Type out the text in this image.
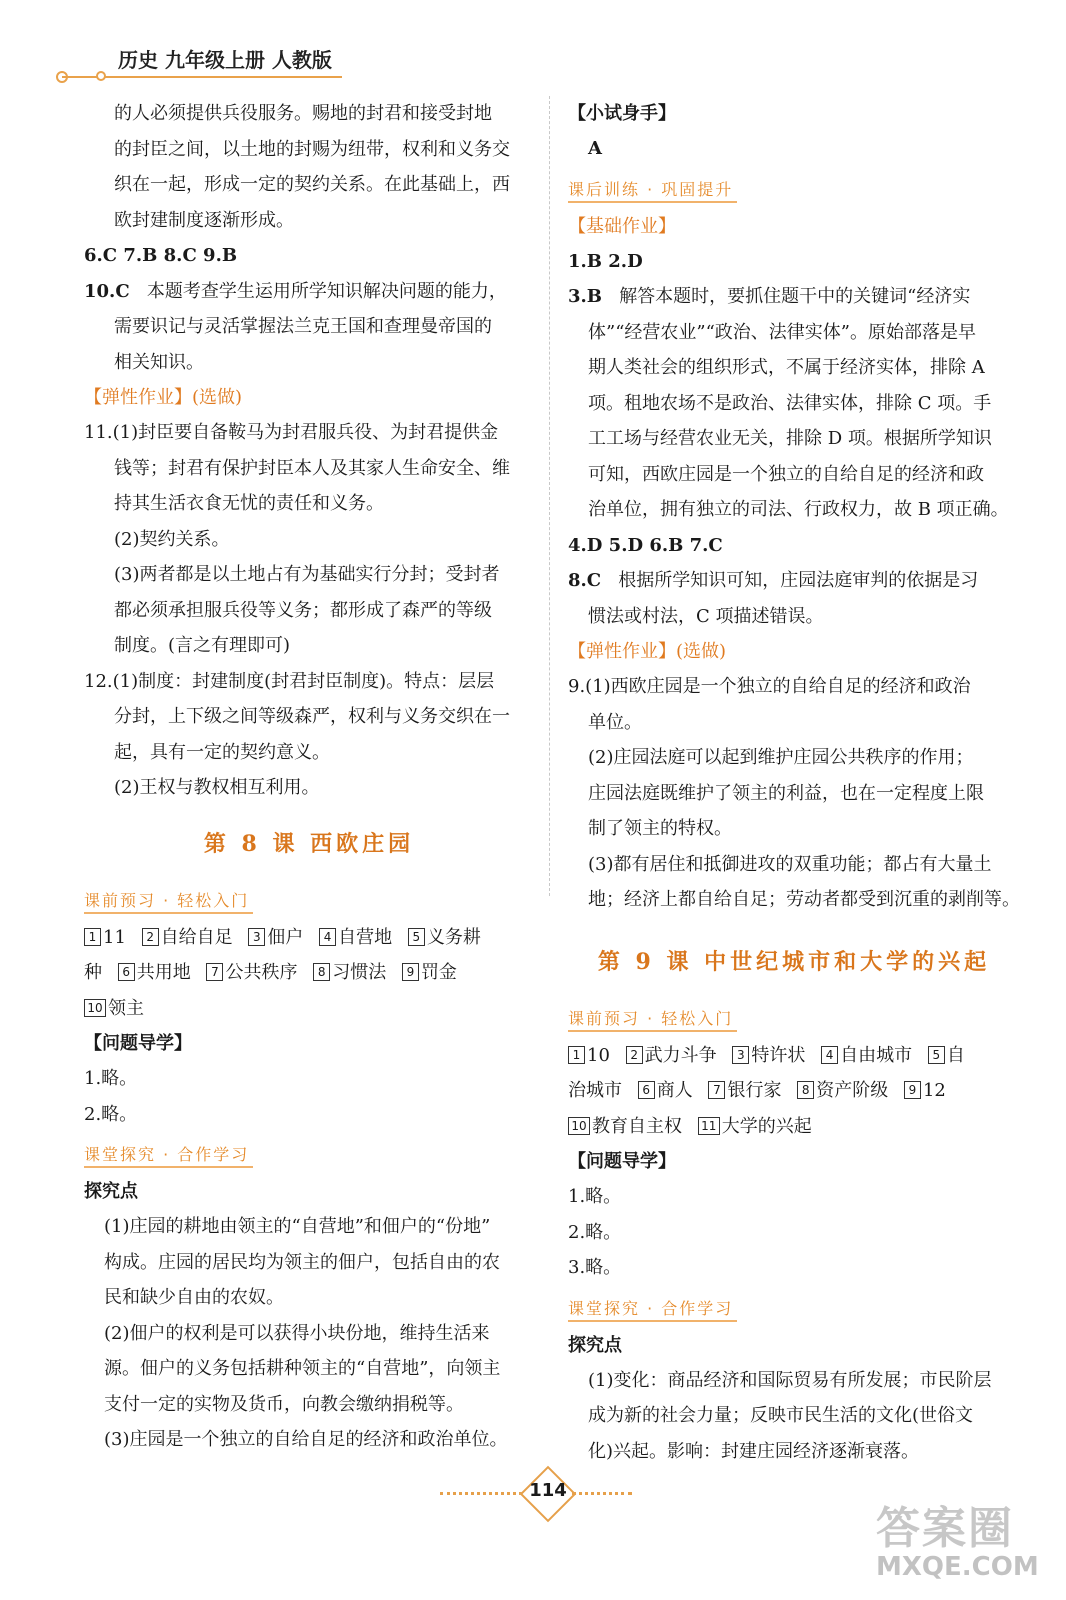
历史 九年级上册 人教版

的人必须提供兵役服务。赐地的封君和接受封地

的封臣之间，以土地的封赐为纽带，权利和义务交

织在一起，形成一定的契约关系。在此基础上，西

欧封建制度逐渐形成。

6.C 7.B 8.C 9.B

10.C 本题考查学生运用所学知识解决问题的能力，

需要识记与灵活掌握法兰克王国和查理曼帝国的

相关知识。

【弹性作业】(选做)

11.(1)封臣要自备鞍马为封君服兵役、为封君提供金

钱等；封君有保护封臣本人及其家人生命安全、维

持其生活衣食无忧的责任和义务。

(2)契约关系。

(3)两者都是以土地占有为基础实行分封；受封者

都必须承担服兵役等义务；都形成了森严的等级

制度。(言之有理即可)

12.(1)制度：封建制度(封君封臣制度)。特点：层层

分封，上下级之间等级森严，权利与义务交织在一

起，具有一定的契约意义。

(2)王权与教权相互利用。

第 8 课 西欧庄园
课前预习 · 轻松入门

1 11 2 自给自足 3 佃户 4 自营地 5 义务耕

种 6 共用地 7 公共秩序 8 习惯法 9 罚金

10 领主

【问题导学】

1.略。

2.略。

课堂探究 · 合作学习

探究点

(1)庄园的耕地由领主的“自营地”和佃户的“份地”

构成。庄园的居民均为领主的佃户，包括自由的农

民和缺少自由的农奴。

(2)佃户的权利是可以获得小块份地，维持生活来

源。佃户的义务包括耕种领主的“自营地”，向领主

支付一定的实物及货币，向教会缴纳捐税等。

(3)庄园是一个独立的自给自足的经济和政治单位。

【小试身手】

A

课后训练 · 巩固提升

【基础作业】

1.B 2.D

3.B 解答本题时，要抓住题干中的关键词“经济实

体”“经营农业”“政治、法律实体”。原始部落是早

期人类社会的组织形式，不属于经济实体，排除 A

项。租地农场不是政治、法律实体，排除 C 项。手

工工场与经营农业无关，排除 D 项。根据所学知识

可知，西欧庄园是一个独立的自给自足的经济和政

治单位，拥有独立的司法、行政权力，故 B 项正确。

4.D 5.D 6.B 7.C

8.C 根据所学知识可知，庄园法庭审判的依据是习

惯法或村法，C 项描述错误。

【弹性作业】(选做)

9.(1)西欧庄园是一个独立的自给自足的经济和政治

单位。

(2)庄园法庭可以起到维护庄园公共秩序的作用；

庄园法庭既维护了领主的利益，也在一定程度上限

制了领主的特权。

(3)都有居住和抵御进攻的双重功能；都占有大量土

地；经济上都自给自足；劳动者都受到沉重的剥削等。

第 9 课 中世纪城市和大学的兴起
课前预习 · 轻松入门

1 10 2 武力斗争 3 特许状 4 自由城市 5 自

治城市 6 商人 7 银行家 8 资产阶级 9 12

10 教育自主权 11 大学的兴起

【问题导学】

1.略。

2.略。

3.略。

课堂探究 · 合作学习

探究点

(1)变化：商品经济和国际贸易有所发展；市民阶层

成为新的社会力量；反映市民生活的文化(世俗文

化)兴起。影响：封建庄园经济逐渐衰落。

114
答案圈
MXQE.COM
